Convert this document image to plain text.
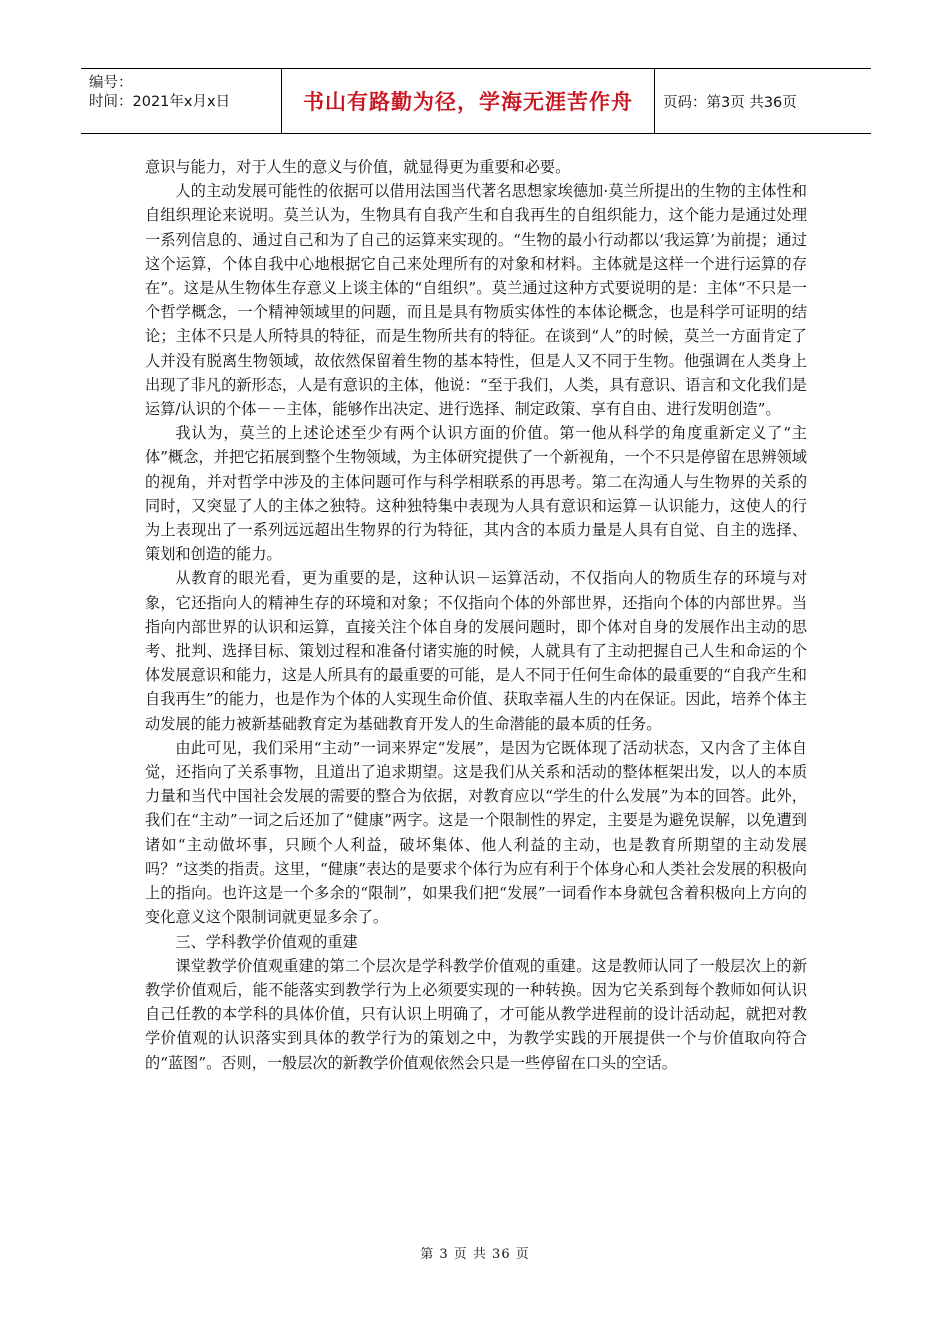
编号：
时间：2021年x月x日	书山有路勤为径，学海无涯苦作舟 页码：第3页 共36页

意识与能力，对于人生的意义与价值，就显得更为重要和必要。

人的主动发展可能性的依据可以借用法国当代著名思想家埃德加·莫兰所提出的生物的主体性和自组织理论来说明。莫兰认为，生物具有自我产生和自我再生的自组织能力，这个能力是通过处理一系列信息的、通过自己和为了自己的运算来实现的。“生物的最小行动都以‘我运算’为前提；通过这个运算，个体自我中心地根据它自己来处理所有的对象和材料。主体就是这样一个进行运算的存在”。这是从生物体生存意义上谈主体的“自组织”。莫兰通过这种方式要说明的是：主体“不只是一个哲学概念，一个精神领域里的问题，而且是具有物质实体性的本体论概念，也是科学可证明的结论；主体不只是人所特具的特征，而是生物所共有的特征。在谈到“人”的时候，莫兰一方面肯定了人并没有脱离生物领域，故依然保留着生物的基本特性，但是人又不同于生物。他强调在人类身上出现了非凡的新形态，人是有意识的主体，他说：“至于我们，人类，具有意识、语言和文化我们是运算/认识的个体－－主体，能够作出决定、进行选择、制定政策、享有自由、进行发明创造”。

我认为，莫兰的上述论述至少有两个认识方面的价值。第一他从科学的角度重新定义了“主体”概念，并把它拓展到整个生物领域，为主体研究提供了一个新视角，一个不只是停留在思辨领域的视角，并对哲学中涉及的主体问题可作与科学相联系的再思考。第二在沟通人与生物界的关系的同时，又突显了人的主体之独特。这种独特集中表现为人具有意识和运算－认识能力，这使人的行为上表现出了一系列远远超出生物界的行为特征，其内含的本质力量是人具有自觉、自主的选择、策划和创造的能力。

从教育的眼光看，更为重要的是，这种认识－运算活动，不仅指向人的物质生存的环境与对象，它还指向人的精神生存的环境和对象；不仅指向个体的外部世界，还指向个体的内部世界。当指向内部世界的认识和运算，直接关注个体自身的发展问题时，即个体对自身的发展作出主动的思考、批判、选择目标、策划过程和准备付诸实施的时候，人就具有了主动把握自己人生和命运的个体发展意识和能力，这是人所具有的最重要的可能，是人不同于任何生命体的最重要的“自我产生和自我再生”的能力，也是作为个体的人实现生命价值、获取幸福人生的内在保证。因此，培养个体主动发展的能力被新基础教育定为基础教育开发人的生命潜能的最本质的任务。

由此可见，我们采用“主动”一词来界定“发展”，是因为它既体现了活动状态，又内含了主体自觉，还指向了关系事物，且道出了追求期望。这是我们从关系和活动的整体框架出发，以人的本质力量和当代中国社会发展的需要的整合为依据，对教育应以“学生的什么发展”为本的回答。此外，我们在“主动”一词之后还加了“健康”两字。这是一个限制性的界定，主要是为避免误解，以免遭到诸如“主动做坏事，只顾个人利益，破坏集体、他人利益的主动，也是教育所期望的主动发展吗？”这类的指责。这里，“健康”表达的是要求个体行为应有利于个体身心和人类社会发展的积极向上的指向。也许这是一个多余的“限制”，如果我们把“发展”一词看作本身就包含着积极向上方向的变化意义这个限制词就更显多余了。

三、学科教学价值观的重建

课堂教学价值观重建的第二个层次是学科教学价值观的重建。这是教师认同了一般层次上的新教学价值观后，能不能落实到教学行为上必须要实现的一种转换。因为它关系到每个教师如何认识自己任教的本学科的具体价值，只有认识上明确了，才可能从教学进程前的设计活动起，就把对教学价值观的认识落实到具体的教学行为的策划之中，为教学实践的开展提供一个与价值取向符合的“蓝图”。否则，一般层次的新教学价值观依然会只是一些停留在口头的空话。

第 3 页 共 36 页
